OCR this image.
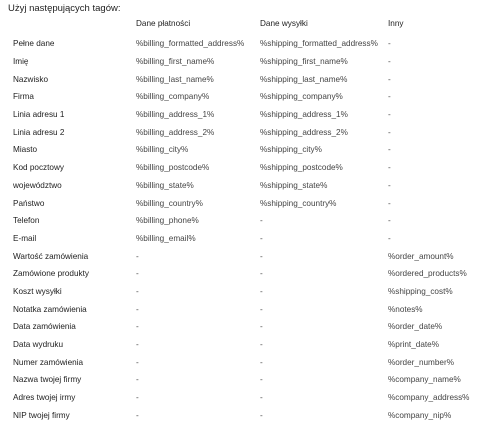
Użyj następujących tagów:
	Dane płatności	Dane wysyłki	Inny
Pełne dane	%billing_formatted_address%	%shipping_formatted_address%	-
Imię	%billing_first_name%	%shipping_first_name%	-
Nazwisko	%billing_last_name%	%shipping_last_name%	-
Firma	%billing_company%	%shipping_company%	-
Linia adresu 1	%billing_address_1%	%shipping_address_1%	-
Linia adresu 2	%billing_address_2%	%shipping_address_2%	-
Miasto	%billing_city%	%shipping_city%	-
Kod pocztowy	%billing_postcode%	%shipping_postcode%	-
województwo	%billing_state%	%shipping_state%	-
Państwo	%billing_country%	%shipping_country%	-
Telefon	%billing_phone%	-	-
E-mail	%billing_email%	-	-
Wartość zamówienia	-	-	%order_amount%
Zamówione produkty	-	-	%ordered_products%
Koszt wysyłki	-	-	%shipping_cost%
Notatka zamówienia	-	-	%notes%
Data zamówienia	-	-	%order_date%
Data wydruku	-	-	%print_date%
Numer zamówienia	-	-	%order_number%
Nazwa twojej firmy	-	-	%company_name%
Adres twojej irmy	-	-	%company_address%
NIP twojej firmy	-	-	%company_nip%
